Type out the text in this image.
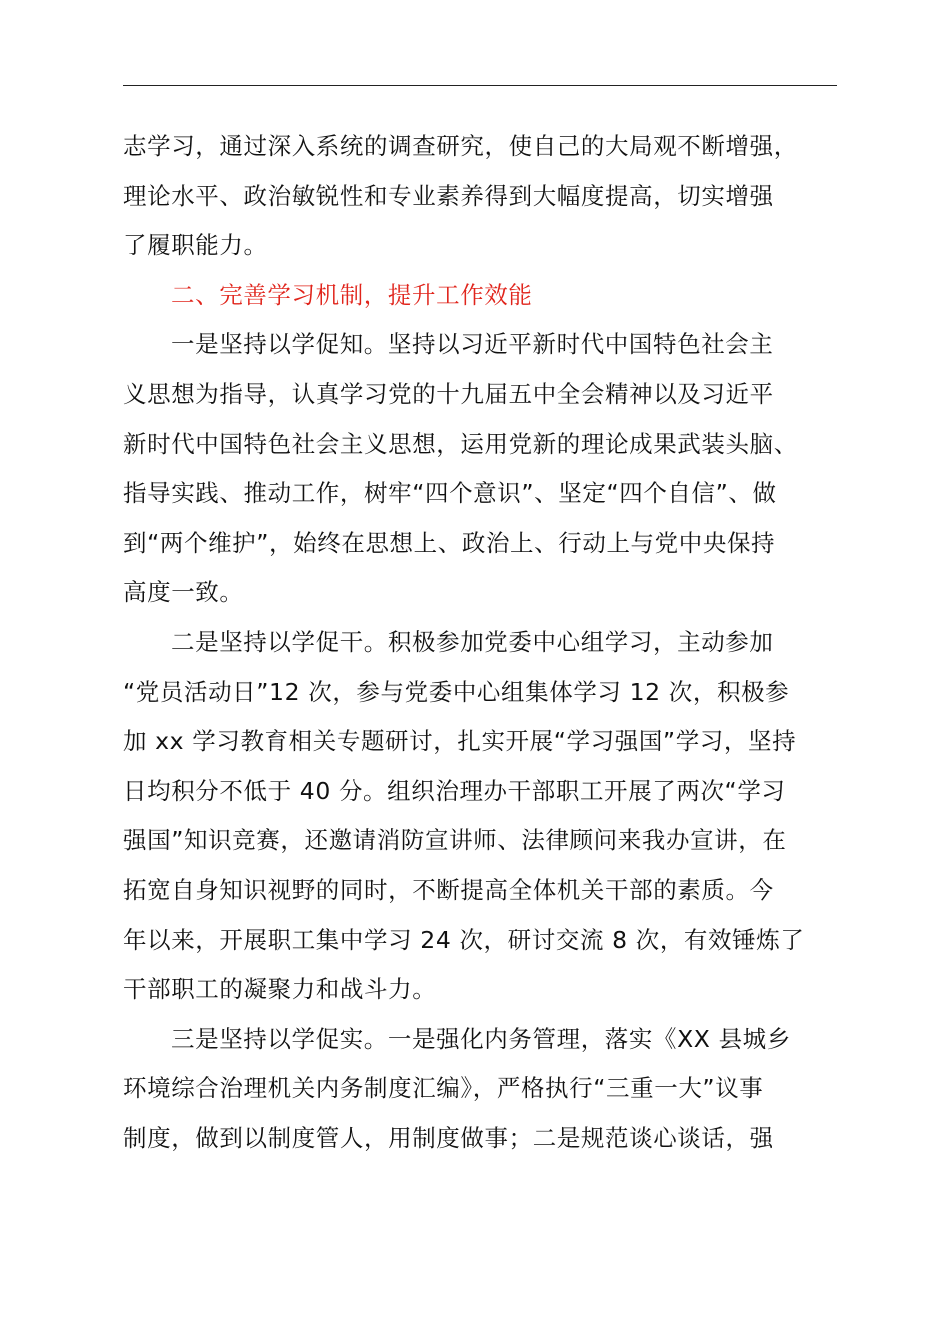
志学习，通过深入系统的调查研究，使自己的大局观不断增强，
理论水平、政治敏锐性和专业素养得到大幅度提高，切实增强
了履职能力。
二、完善学习机制，提升工作效能
一是坚持以学促知。坚持以习近平新时代中国特色社会主
义思想为指导，认真学习党的十九届五中全会精神以及习近平
新时代中国特色社会主义思想，运用党新的理论成果武装头脑、
指导实践、推动工作，树牢“四个意识”、坚定“四个自信”、做
到“两个维护”，始终在思想上、政治上、行动上与党中央保持
高度一致。
二是坚持以学促干。积极参加党委中心组学习，主动参加
“党员活动日”12 次，参与党委中心组集体学习 12 次，积极参
加 xx 学习教育相关专题研讨，扎实开展“学习强国”学习，坚持
日均积分不低于 40 分。组织治理办干部职工开展了两次“学习
强国”知识竞赛，还邀请消防宣讲师、法律顾问来我办宣讲，在
拓宽自身知识视野的同时，不断提高全体机关干部的素质。今
年以来，开展职工集中学习 24 次，研讨交流 8 次，有效锤炼了
干部职工的凝聚力和战斗力。
三是坚持以学促实。一是强化内务管理，落实《XX 县城乡
环境综合治理机关内务制度汇编》，严格执行“三重一大”议事
制度，做到以制度管人，用制度做事；二是规范谈心谈话，强
